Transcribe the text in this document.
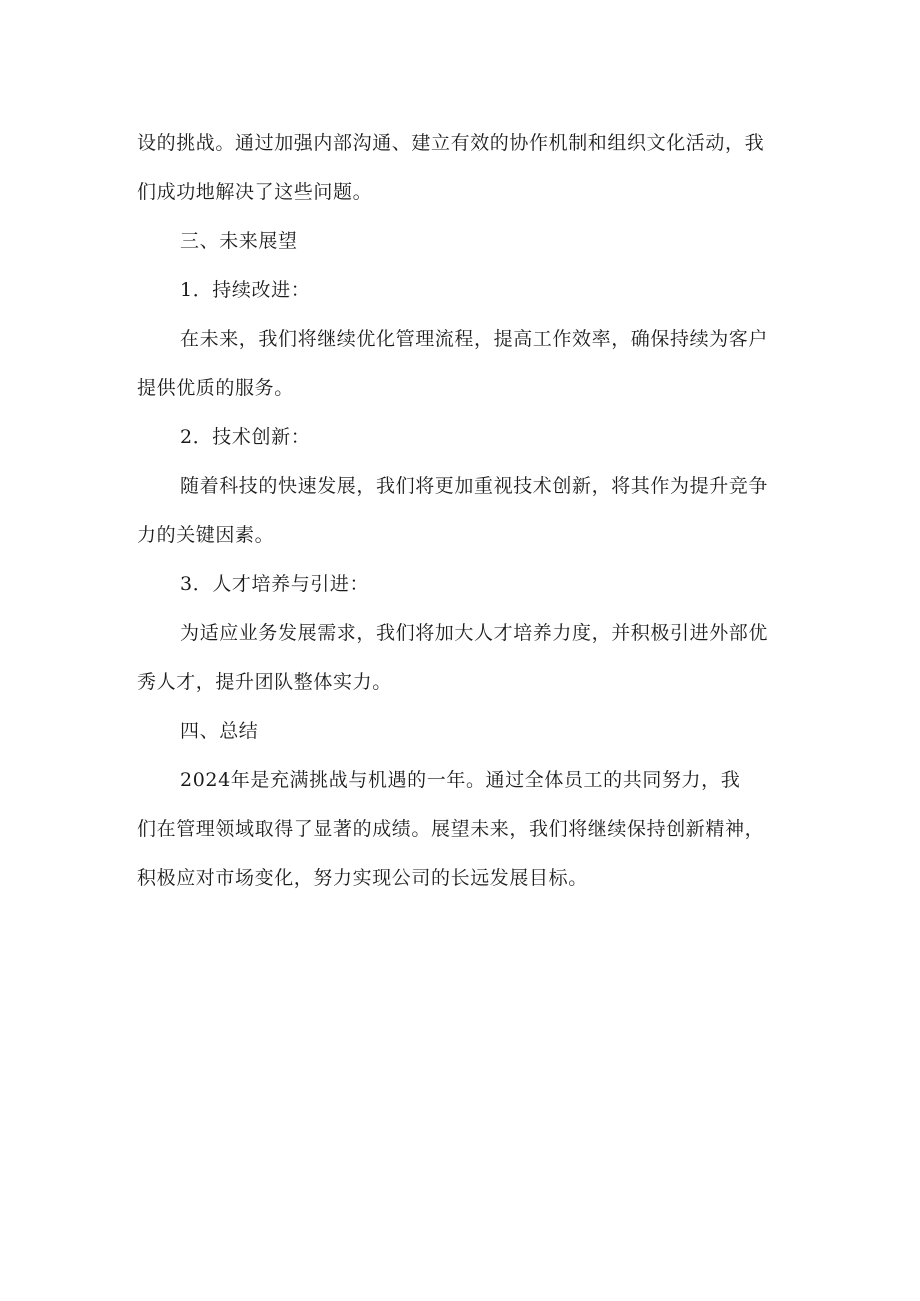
设的挑战。通过加强内部沟通、建立有效的协作机制和组织文化活动，我
们成功地解决了这些问题。
三、未来展望
1．持续改进：
在未来，我们将继续优化管理流程，提高工作效率，确保持续为客户
提供优质的服务。
2．技术创新：
随着科技的快速发展，我们将更加重视技术创新，将其作为提升竞争
力的关键因素。
3．人才培养与引进：
为适应业务发展需求，我们将加大人才培养力度，并积极引进外部优
秀人才，提升团队整体实力。
四、总结
2024年是充满挑战与机遇的一年。通过全体员工的共同努力，我
们在管理领域取得了显著的成绩。展望未来，我们将继续保持创新精神，
积极应对市场变化，努力实现公司的长远发展目标。
